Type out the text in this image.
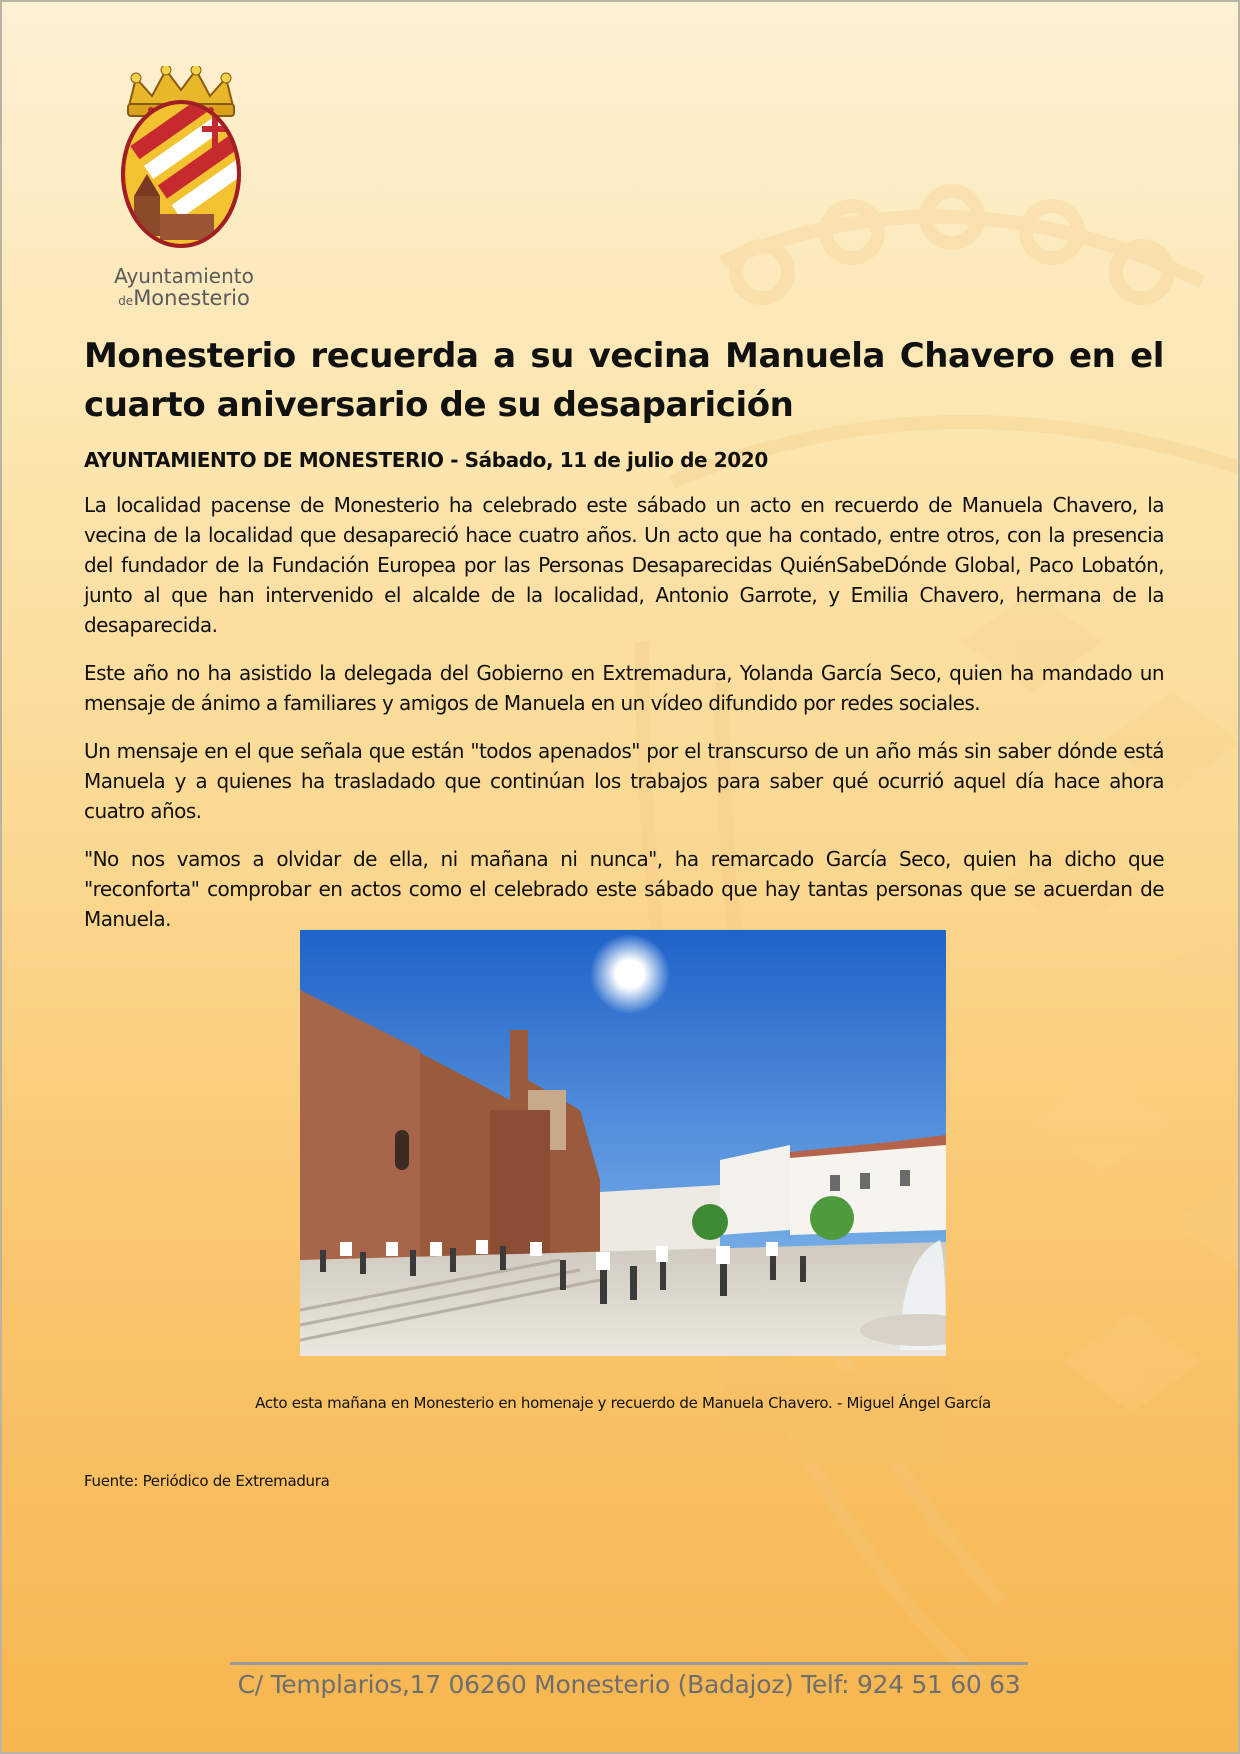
Ayuntamiento
deMonesterio
Monesterio recuerda a su vecina Manuela Chavero en el cuarto aniversario de su desaparición
AYUNTAMIENTO DE MONESTERIO - Sábado, 11 de julio de 2020

La localidad pacense de Monesterio ha celebrado este sábado un acto en recuerdo de Manuela Chavero, la vecina de la localidad que desapareció hace cuatro años. Un acto que ha contado, entre otros, con la presencia del fundador de la Fundación Europea por las Personas Desaparecidas QuiénSabeDónde Global, Paco Lobatón, junto al que han intervenido el alcalde de la localidad, Antonio Garrote, y Emilia Chavero, hermana de la desaparecida.

Este año no ha asistido la delegada del Gobierno en Extremadura, Yolanda García Seco, quien ha mandado un mensaje de ánimo a familiares y amigos de Manuela en un vídeo difundido por redes sociales.

Un mensaje en el que señala que están "todos apenados" por el transcurso de un año más sin saber dónde está Manuela y a quienes ha trasladado que continúan los trabajos para saber qué ocurrió aquel día hace ahora cuatro años.

"No nos vamos a olvidar de ella, ni mañana ni nunca", ha remarcado García Seco, quien ha dicho que "reconforta" comprobar en actos como el celebrado este sábado que hay tantas personas que se acuerdan de Manuela.

Acto esta mañana en Monesterio en homenaje y recuerdo de Manuela Chavero. - Miguel Ángel García
Fuente: Periódico de Extremadura
C/ Templarios,17 06260 Monesterio (Badajoz) Telf: 924 51 60 63
